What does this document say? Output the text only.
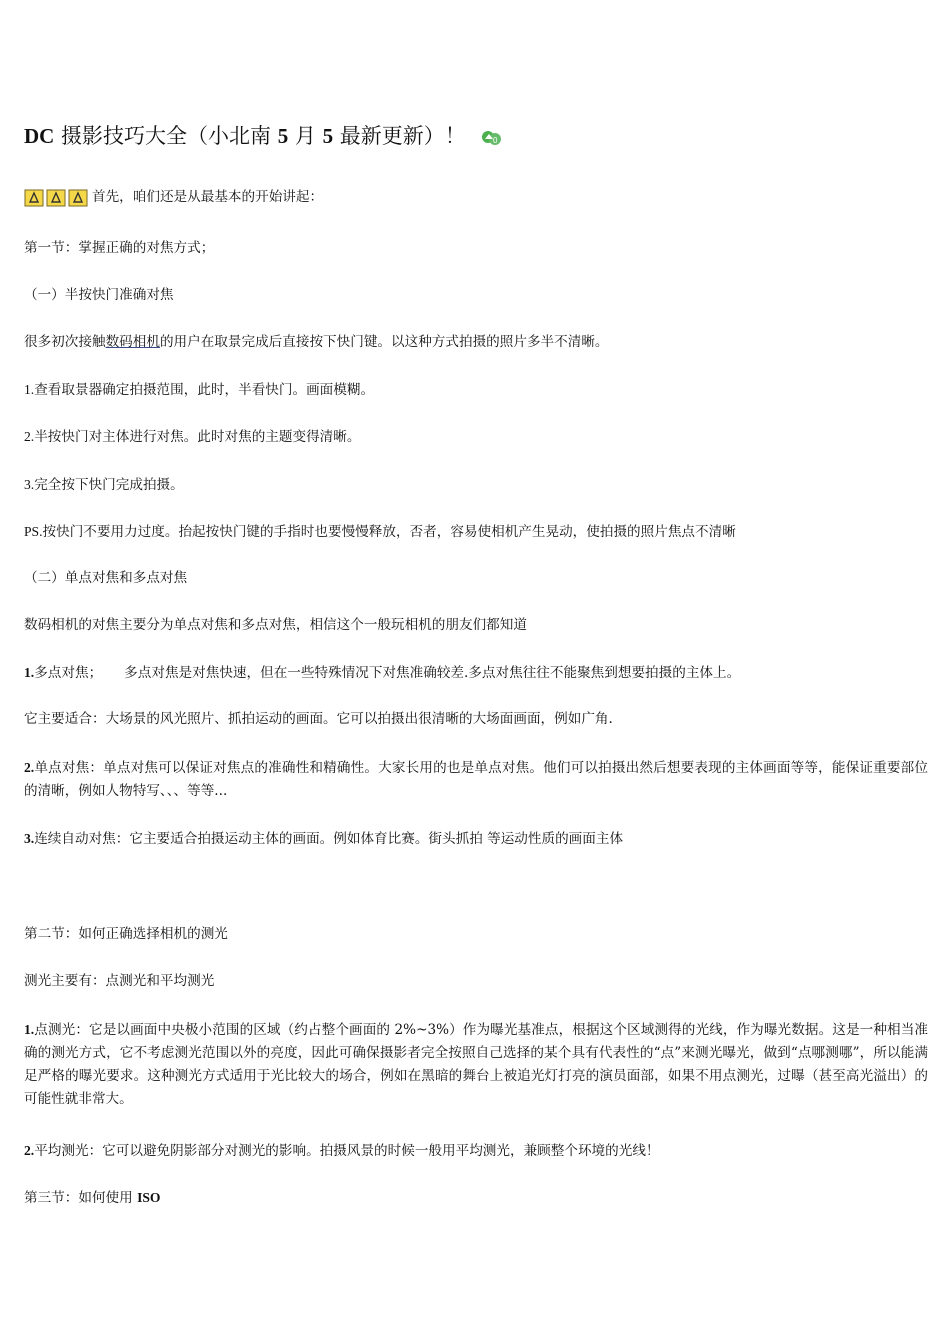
DC 摄影技巧大全（小北南 5 月 5 最新更新）！	0

首先，咱们还是从最基本的开始讲起：

第一节：掌握正确的对焦方式；

（一）半按快门准确对焦

很多初次接触数码相机的用户在取景完成后直接按下快门键。以这种方式拍摄的照片多半不清晰。

1.查看取景器确定拍摄范围，此时，半看快门。画面模糊。

2.半按快门对主体进行对焦。此时对焦的主题变得清晰。

3.完全按下快门完成拍摄。

PS.按快门不要用力过度。抬起按快门键的手指时也要慢慢释放，否者，容易使相机产生晃动，使拍摄的照片焦点不清晰

（二）单点对焦和多点对焦

数码相机的对焦主要分为单点对焦和多点对焦，相信这个一般玩相机的朋友们都知道

1.多点对焦； 多点对焦是对焦快速，但在一些特殊情况下对焦准确较差.多点对焦往往不能聚焦到想要拍摄的主体上。

它主要适合：大场景的风光照片、抓拍运动的画面。它可以拍摄出很清晰的大场面画面，例如广角.

2.单点对焦：单点对焦可以保证对焦点的准确性和精确性。大家长用的也是单点对焦。他们可以拍摄出然后想要表现的主体画面等等，能保证重要部位的清晰，例如人物特写、、、等等...

3.连续自动对焦：它主要适合拍摄运动主体的画面。例如体育比赛。街头抓拍 等运动性质的画面主体

第二节：如何正确选择相机的测光

测光主要有：点测光和平均测光

1.点测光：它是以画面中央极小范围的区域（约占整个画面的 2%~3%）作为曝光基准点，根据这个区域测得的光线，作为曝光数据。这是一种相当准确的测光方式，它不考虑测光范围以外的亮度，因此可确保摄影者完全按照自己选择的某个具有代表性的“点”来测光曝光，做到“点哪测哪”，所以能满足严格的曝光要求。这种测光方式适用于光比较大的场合，例如在黑暗的舞台上被追光灯打亮的演员面部，如果不用点测光，过曝（甚至高光溢出）的可能性就非常大。

2.平均测光：它可以避免阴影部分对测光的影响。拍摄风景的时候一般用平均测光，兼顾整个环境的光线！

第三节：如何使用 ISO
